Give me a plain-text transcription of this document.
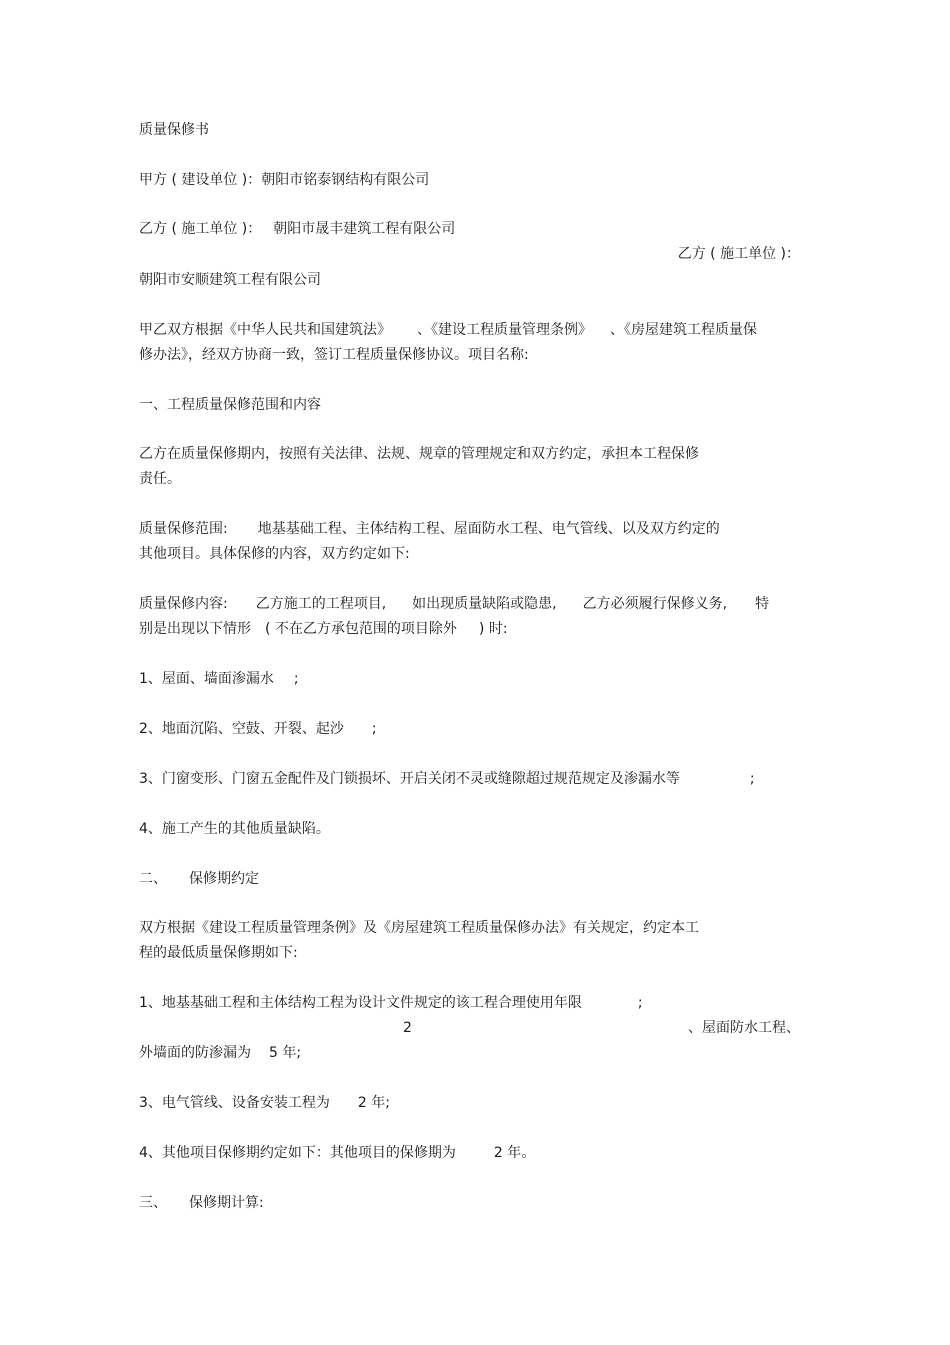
质量保修书

甲方 ( 建设单位 )：朝阳市铭泰钢结构有限公司

乙方 ( 施工单位 )： 朝阳市晟丰建筑工程有限公司

乙方 ( 施工单位 )：

朝阳市安顺建筑工程有限公司

甲乙双方根据《中华人民共和国建筑法》 、《建设工程质量管理条例》 、《房屋建筑工程质量保

修办法》，经双方协商一致，签订工程质量保修协议。项目名称:

一、工程质量保修范围和内容

乙方在质量保修期内，按照有关法律、法规、规章的管理规定和双方约定，承担本工程保修

责任。

质量保修范围: 地基基础工程、主体结构工程、屋面防水工程、电气管线、以及双方约定的

其他项目。具体保修的内容，双方约定如下:

质量保修内容: 乙方施工的工程项目, 如出现质量缺陷或隐患, 乙方必须履行保修义务, 特

别是出现以下情形 ( 不在乙方承包范围的项目除外 ) 时:

1、屋面、墙面渗漏水 ;

2、地面沉陷、空鼓、开裂、起沙 ;

3、门窗变形、门窗五金配件及门锁损坏、开启关闭不灵或缝隙超过规范规定及渗漏水等	;

4、施工产生的其他质量缺陷。

二、 保修期约定

双方根据《建设工程质量管理条例》及《房屋建筑工程质量保修办法》有关规定，约定本工

程的最低质量保修期如下:

1、地基基础工程和主体结构工程为设计文件规定的该工程合理使用年限	;

2	、屋面防水工程、

外墙面的防渗漏为 5 年;

3、电气管线、设备安装工程为 2 年;

4、其他项目保修期约定如下：其他项目的保修期为	2 年。

三、 保修期计算:
